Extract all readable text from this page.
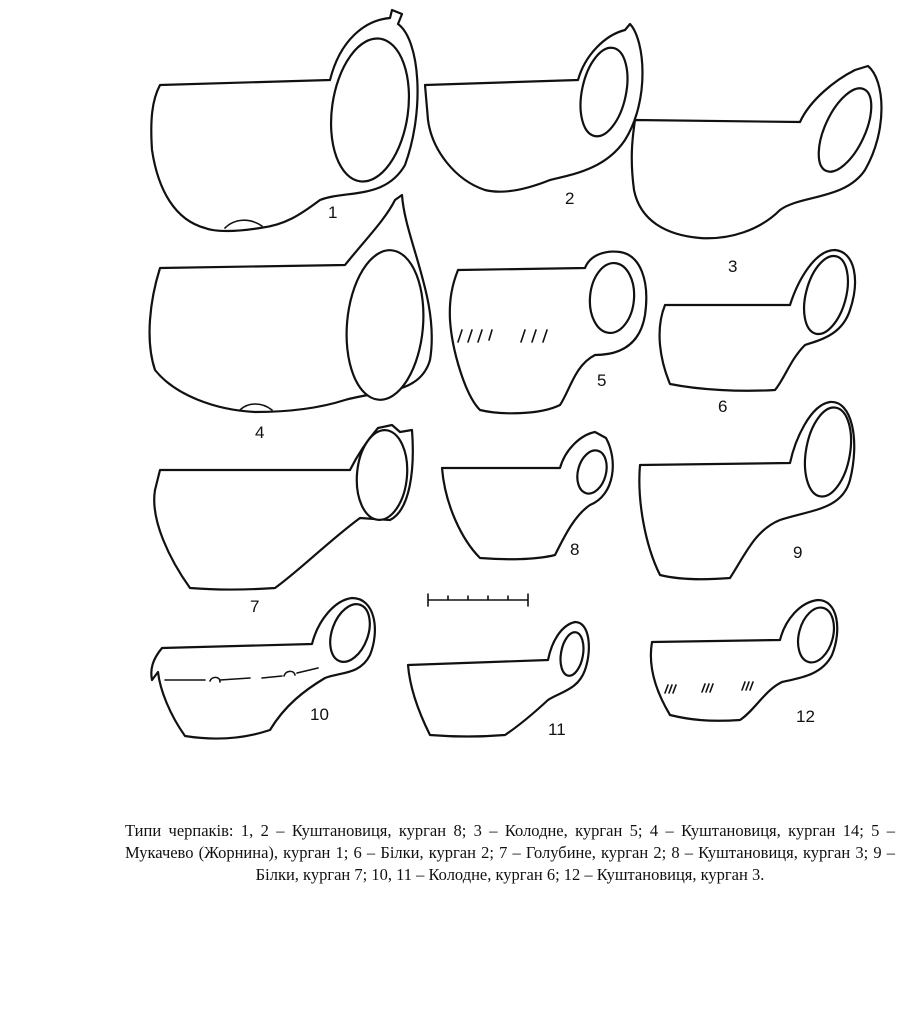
1
2
3
4
5
6
7
8	9
10
11
12
Типи черпаків: 1, 2 – Куштановиця, курган 8; 3 – Колодне, курган 5; 4 – Куштановиця, курган 14; 5 – Мукачево (Жорнина), курган 1; 6 – Білки, курган 2; 7 – Голубине, курган 2; 8 – Куштановиця, курган 3; 9 – Білки, курган 7; 10, 11 – Колодне, курган 6; 12 – Куштановиця, курган 3.
